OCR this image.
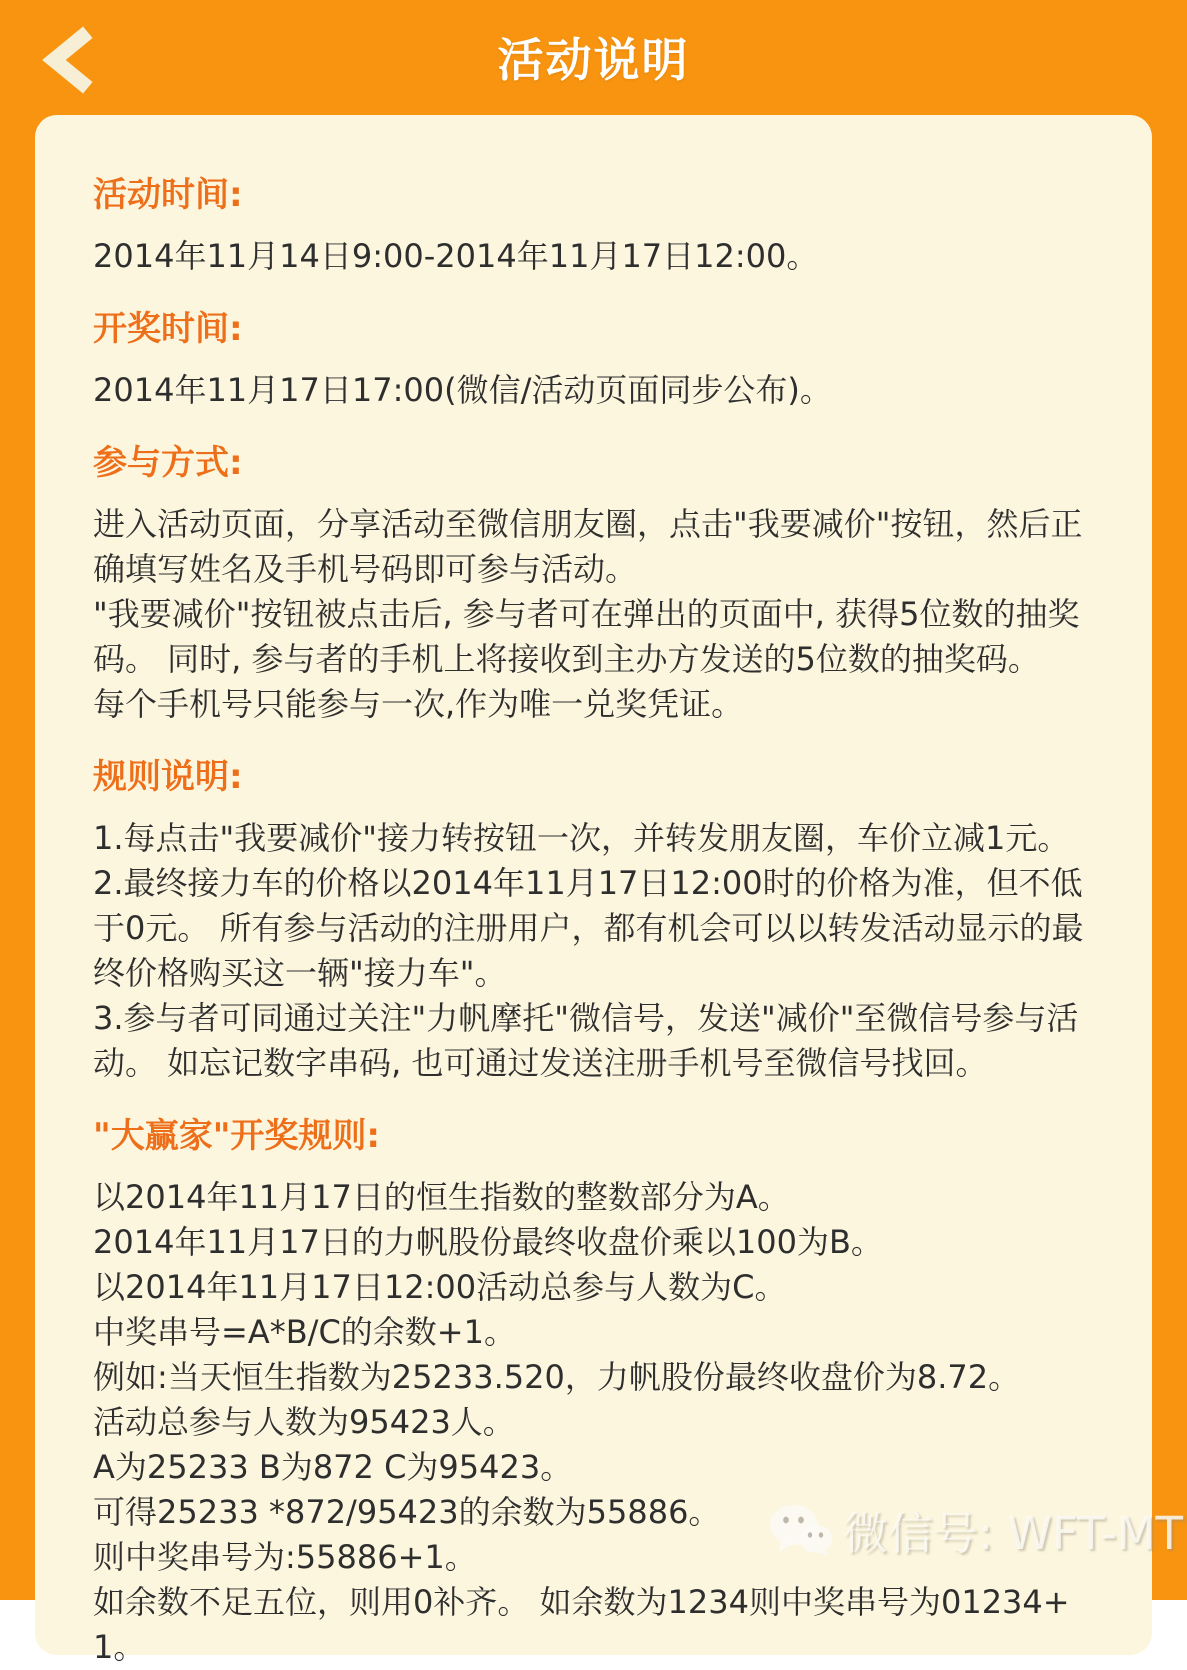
活动说明
活动时间:

2014年11月14日9:00-2014年11月17日12:00。

开奖时间:

2014年11月17日17:00(微信/活动页面同步公布)。

参与方式:

进入活动页面，分享活动至微信朋友圈，点击"我要减价"按钮，然后正确填写姓名及手机号码即可参与活动。

"我要减价"按钮被点击后, 参与者可在弹出的页面中, 获得5位数的抽奖码。 同时, 参与者的手机上将接收到主办方发送的5位数的抽奖码。

每个手机号只能参与一次,作为唯一兑奖凭证。

规则说明:

1.每点击"我要减价"接力转按钮一次，并转发朋友圈，车价立减1元。

2.最终接力车的价格以2014年11月17日12:00时的价格为准，但不低于0元。 所有参与活动的注册用户，都有机会可以以转发活动显示的最终价格购买这一辆"接力车"。

3.参与者可同通过关注"力帆摩托"微信号，发送"减价"至微信号参与活动。 如忘记数字串码, 也可通过发送注册手机号至微信号找回。

"大赢家"开奖规则:

以2014年11月17日的恒生指数的整数部分为A。

2014年11月17日的力帆股份最终收盘价乘以100为B。

以2014年11月17日12:00活动总参与人数为C。

中奖串号=A*B/C的余数+1。

例如:当天恒生指数为25233.520，力帆股份最终收盘价为8.72。

活动总参与人数为95423人。

A为25233 B为872 C为95423。

可得25233 *872/95423的余数为55886。

则中奖串号为:55886+1。

如余数不足五位，则用0补齐。 如余数为1234则中奖串号为01234+1。

微信号: WFT-MT
